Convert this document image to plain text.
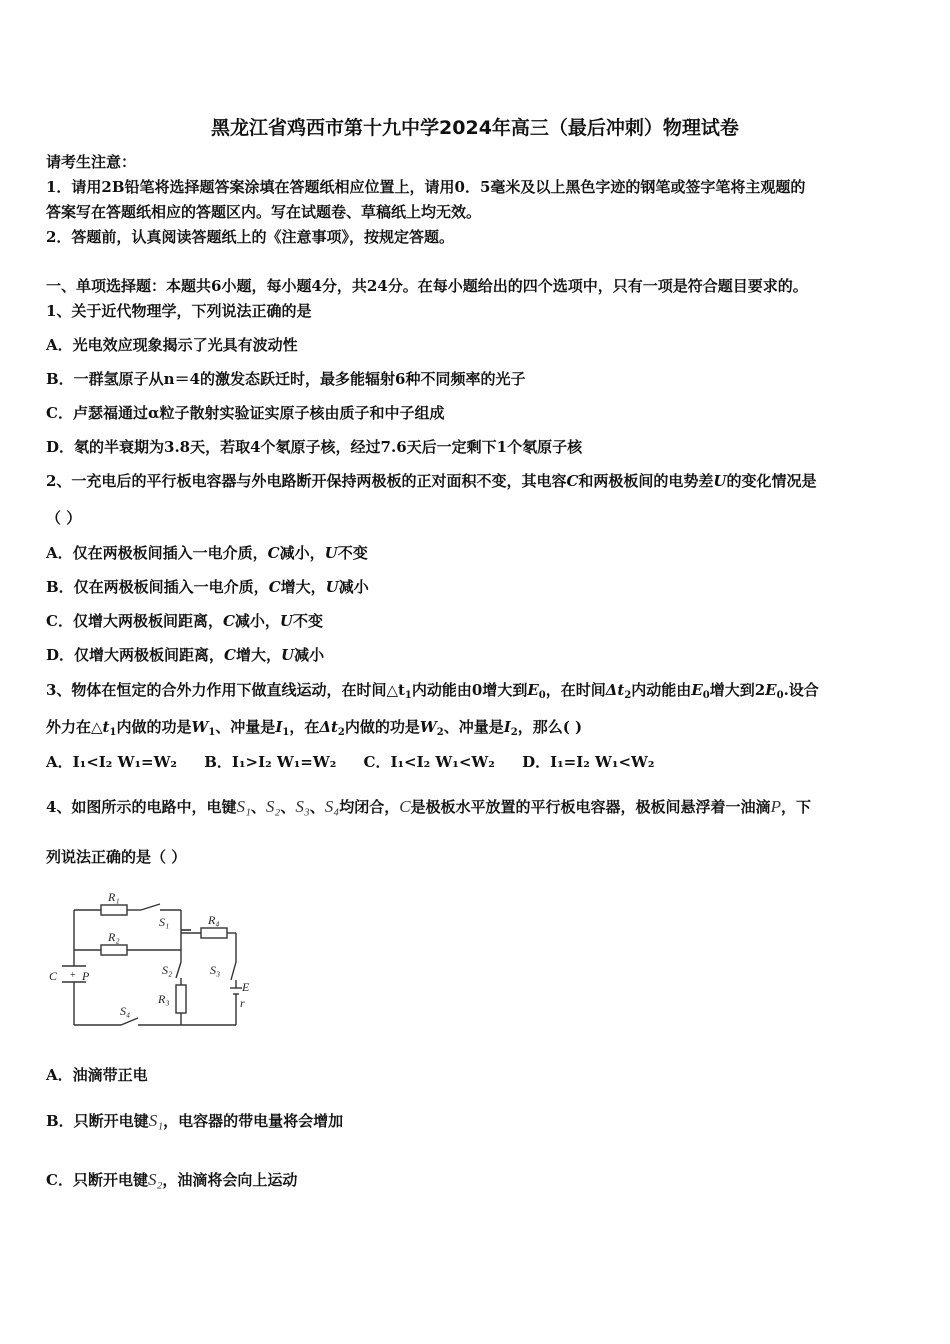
黑龙江省鸡西市第十九中学2024年高三（最后冲刺）物理试卷
请考生注意：
1．请用2B铅笔将选择题答案涂填在答题纸相应位置上，请用0．5毫米及以上黑色字迹的钢笔或签字笔将主观题的
答案写在答题纸相应的答题区内。写在试题卷、草稿纸上均无效。
2．答题前，认真阅读答题纸上的《注意事项》，按规定答题。
一、单项选择题：本题共6小题，每小题4分，共24分。在每小题给出的四个选项中，只有一项是符合题目要求的。
1、关于近代物理学，下列说法正确的是
A．光电效应现象揭示了光具有波动性
B．一群氢原子从n＝4的激发态跃迁时，最多能辐射6种不同频率的光子
C．卢瑟福通过α粒子散射实验证实原子核由质子和中子组成
D．氡的半衰期为3.8天，若取4个氡原子核，经过7.6天后一定剩下1个氡原子核
2、一充电后的平行板电容器与外电路断开保持两极板的正对面积不变，其电容C和两极板间的电势差U的变化情况是
（ ）
A．仅在两极板间插入一电介质，C减小，U不变
B．仅在两极板间插入一电介质，C增大，U减小
C．仅增大两极板间距离，C减小，U不变
D．仅增大两极板间距离，C增大，U减小
3、物体在恒定的合外力作用下做直线运动，在时间$\triangle t_1$内动能由0增大到$E_0$，在时间$\Delta t_2$内动能由$E_0$增大到$2E_0$.设合
外力在$\triangle t_1$内做的功是$W_1$、冲量是$I_1$，在$\Delta t_2$内做的功是$W_2$、冲量是$I_2$，那么( )
A．I₁<I₂ W₁=W₂ B．I₁>I₂ W₁=W₂ C．I₁<I₂ W₁<W₂ D．I₁=I₂ W₁<W₂
4、如图所示的电路中，电键S₁、S₂、S₃、S₄均闭合，C是极板水平放置的平行板电容器，极板间悬浮着一油滴P，下
列说法正确的是（ ）
R₁
R₂
R₄
S₁
S₂	S₃
R₃
E
r
S₄
C P
+
A．油滴带正电
B．只断开电键S₁，电容器的带电量将会增加
C．只断开电键S₂，油滴将会向上运动
